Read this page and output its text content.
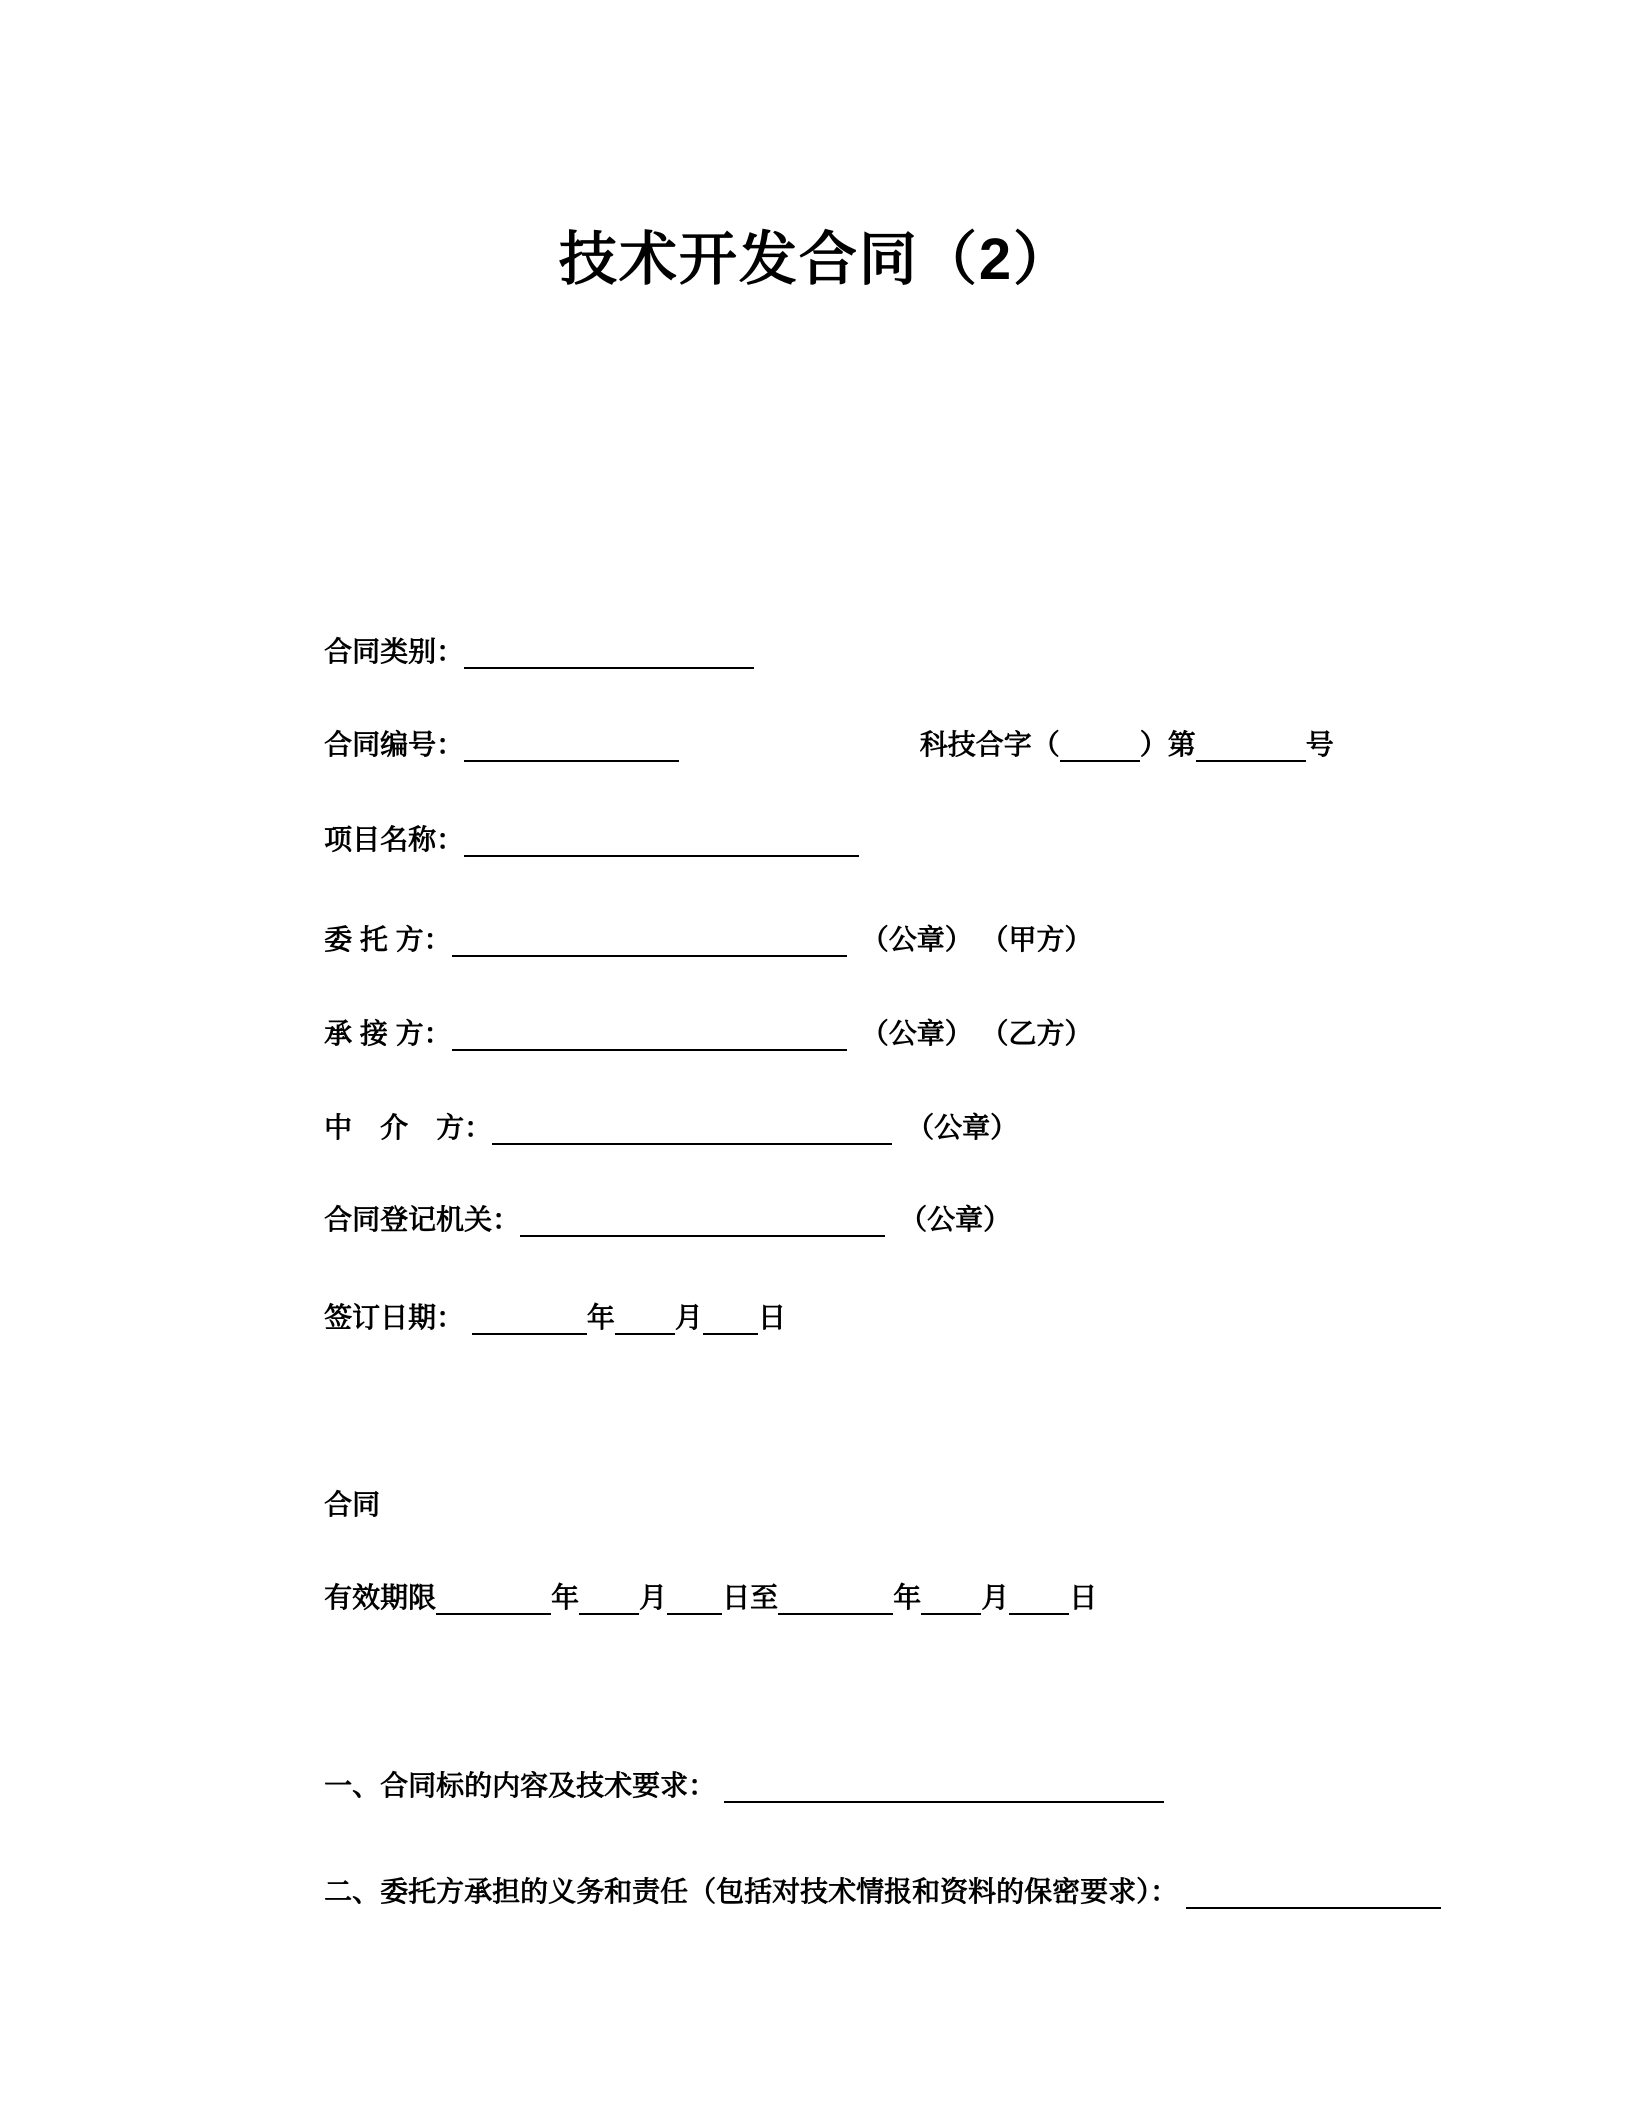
技术开发合同（2）

合同类别：

合同编号：
	科技合字（	）第	号

项目名称：

委 托 方：	（公章） （甲方）

承 接 方：	（公章） （乙方）

中　介　方：	（公章）

合同登记机关：	（公章）

签订日期：	年 月 日

合同

有效期限	年 月 日至	年 月 日

一、合同标的内容及技术要求：

二、委托方承担的义务和责任（包括对技术情报和资料的保密要求）：
